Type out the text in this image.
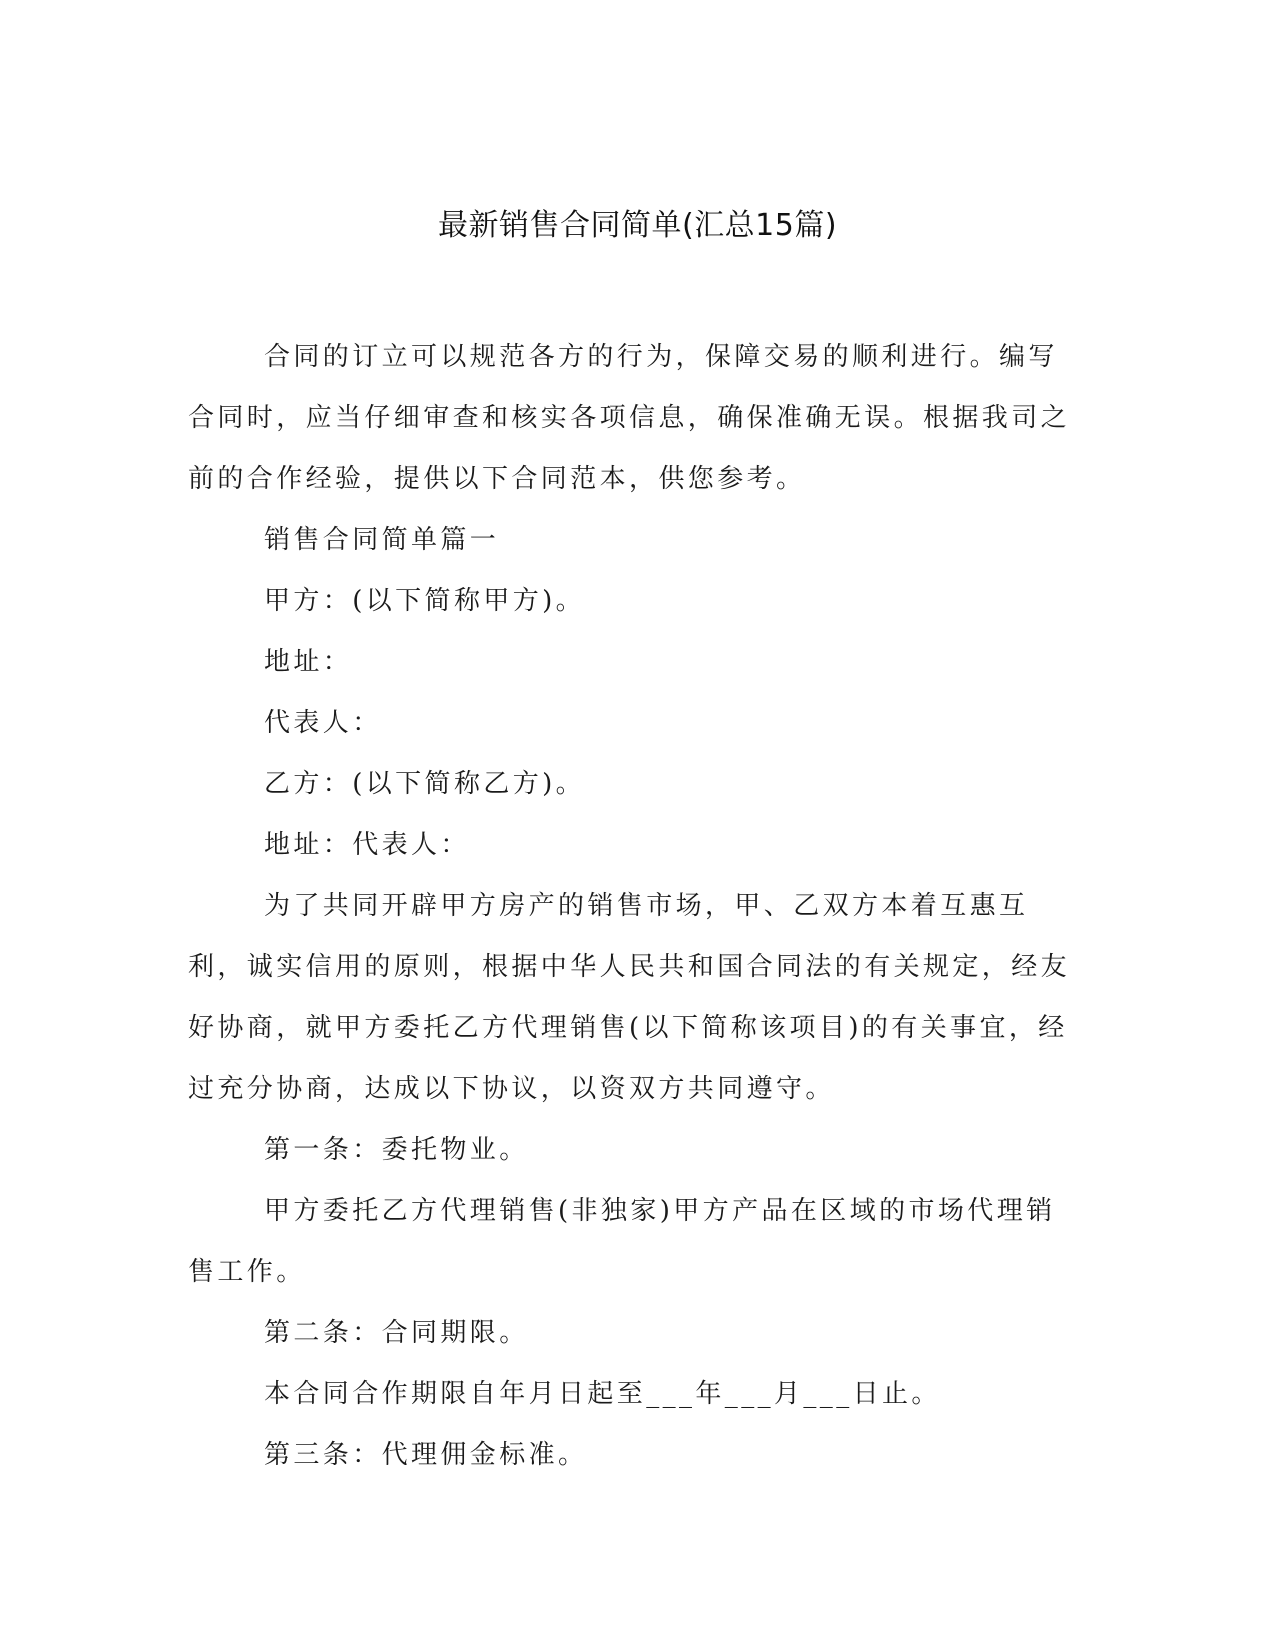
最新销售合同简单(汇总15篇)

合同的订立可以规范各方的行为，保障交易的顺利进行。编写合同时，应当仔细审查和核实各项信息，确保准确无误。根据我司之前的合作经验，提供以下合同范本，供您参考。

销售合同简单篇一

甲方：(以下简称甲方)。

地址：

代表人：

乙方：(以下简称乙方)。

地址：代表人：

为了共同开辟甲方房产的销售市场，甲、乙双方本着互惠互利，诚实信用的原则，根据中华人民共和国合同法的有关规定，经友好协商，就甲方委托乙方代理销售(以下简称该项目)的有关事宜，经过充分协商，达成以下协议，以资双方共同遵守。

第一条：委托物业。

甲方委托乙方代理销售(非独家)甲方产品在区域的市场代理销售工作。

第二条：合同期限。

本合同合作期限自年月日起至___年___月___日止。

第三条：代理佣金标准。
